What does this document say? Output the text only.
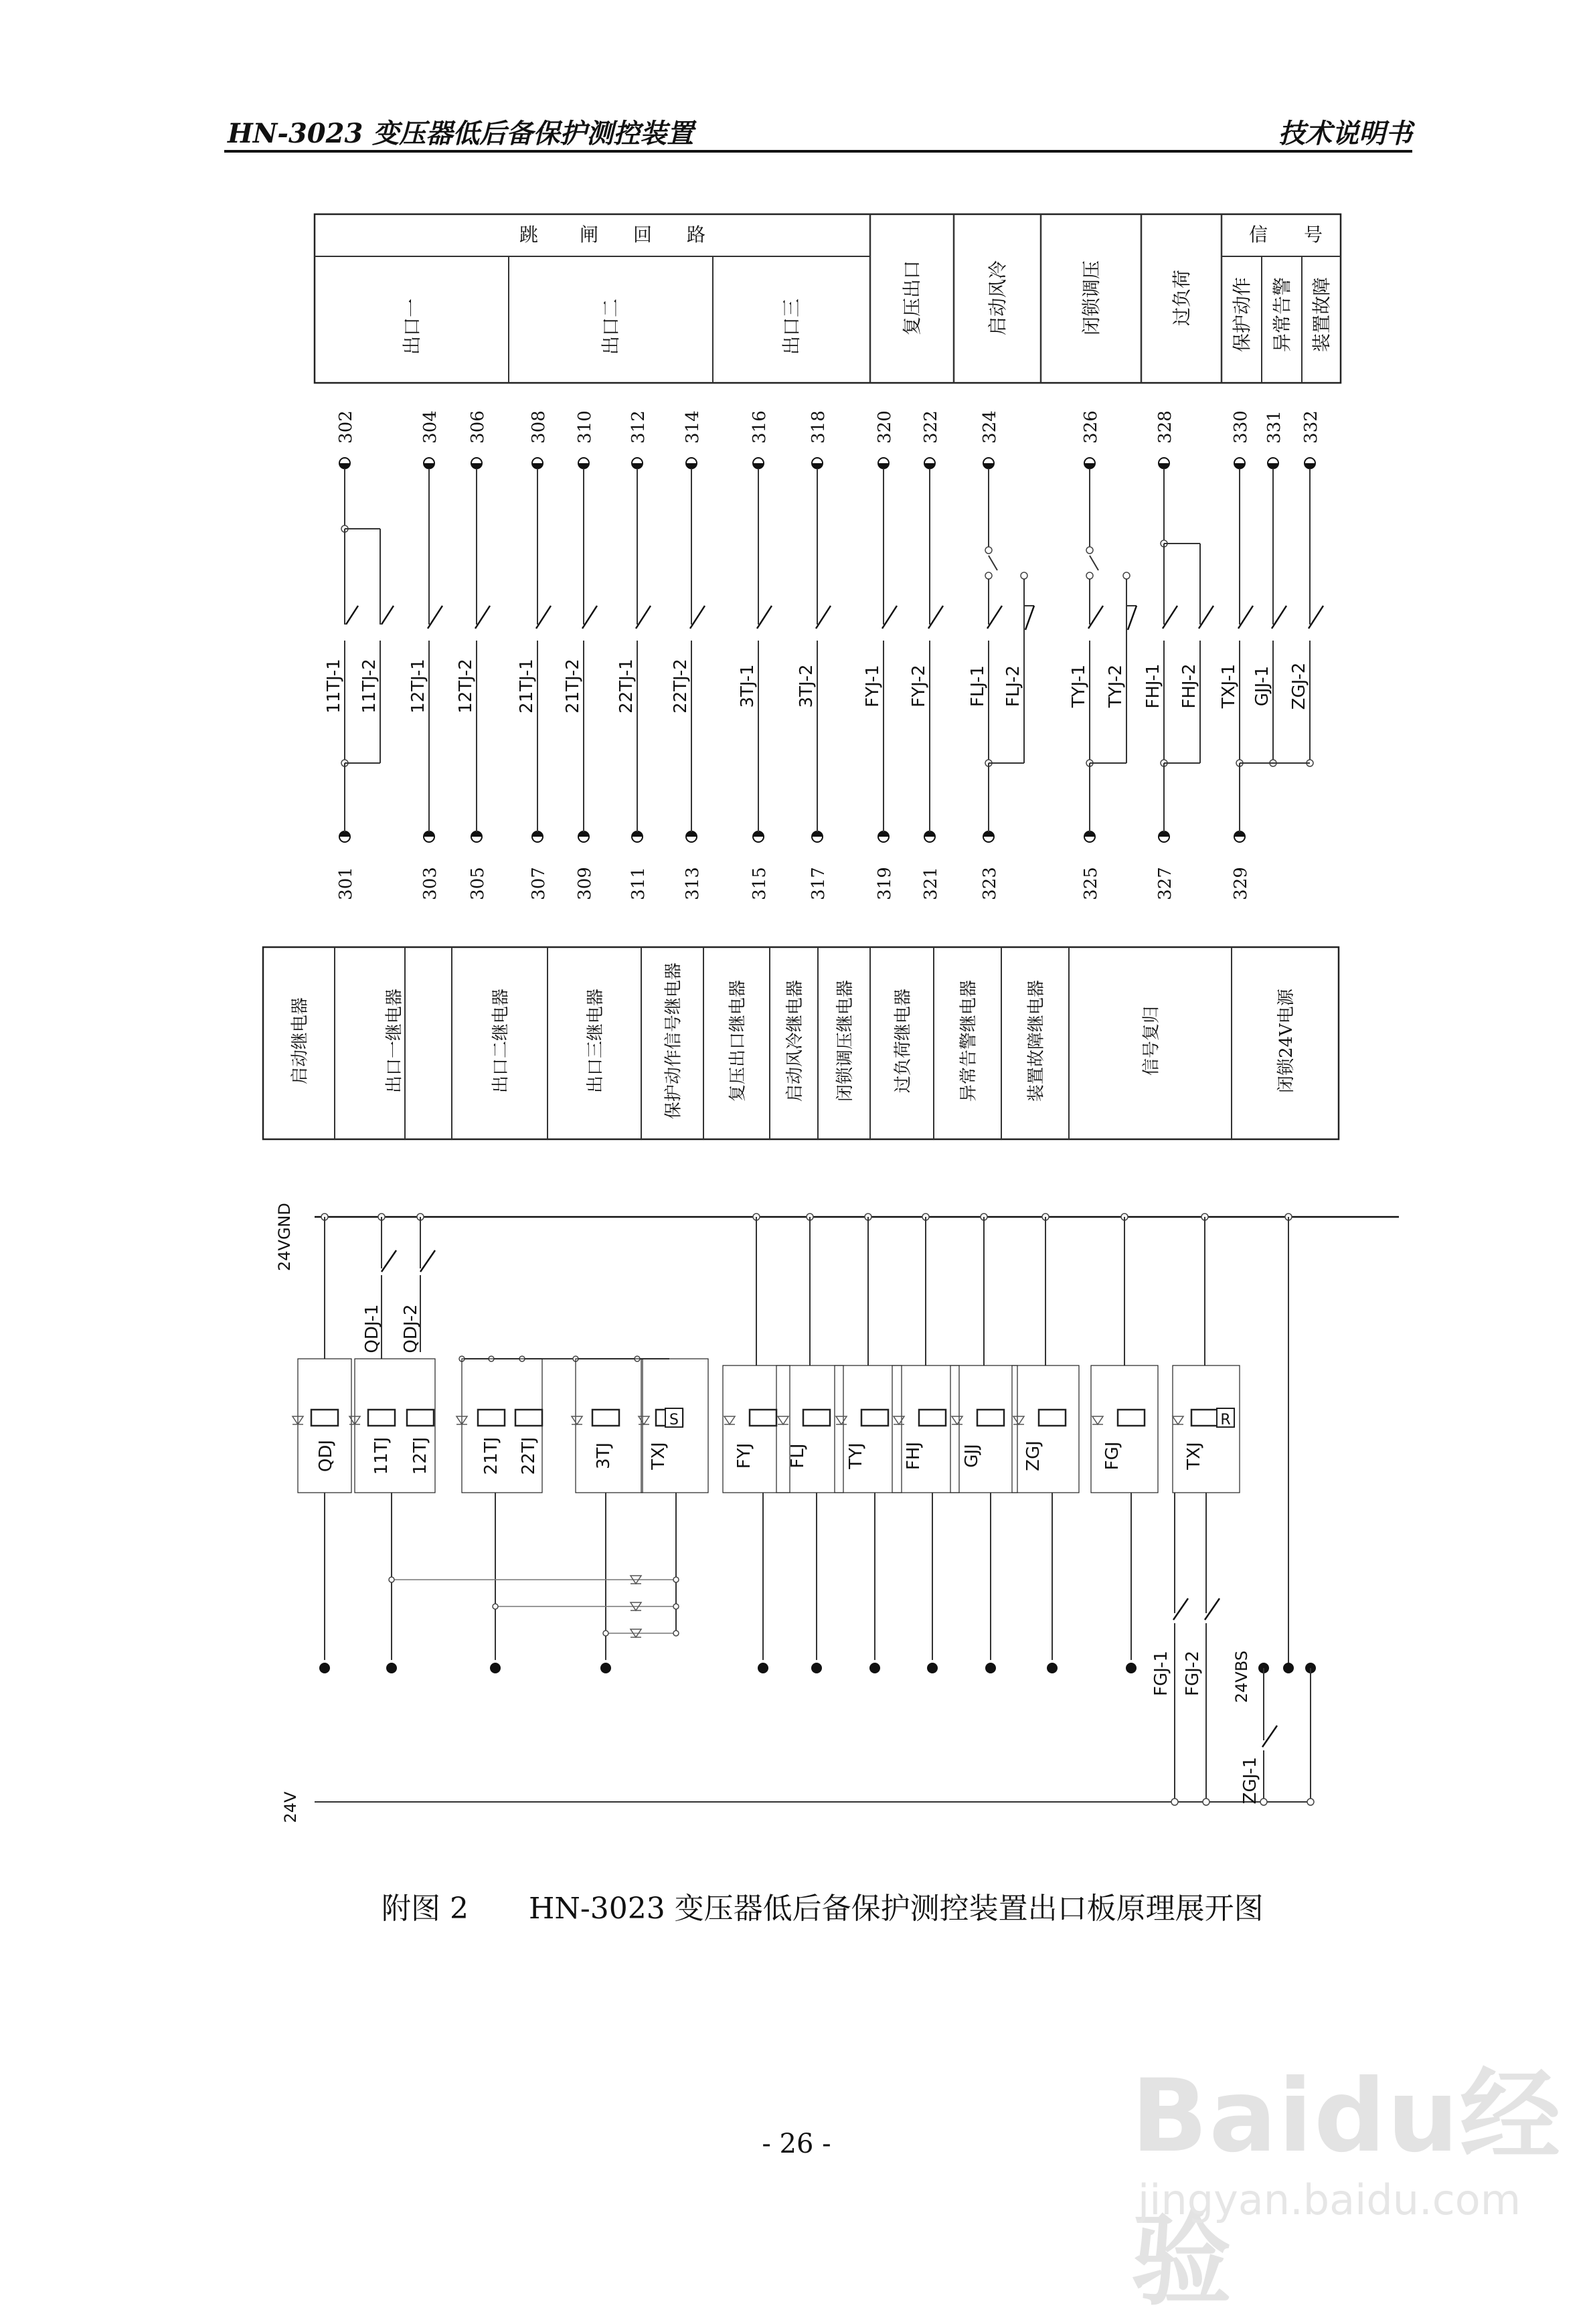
HN-3023 变压器低后备保护测控装置	技术说明书
跳 闸 回 路
出口一	出口二	出口三	复压出口	启动风冷	闭锁调压	过负荷
信 号
保护动作 异常告警 装置故障
302	304 306 308 310 312 314	316 318	320 322 324	326	328	330 331 332
301	303 305 307 309 311 313	315 317	319 321 323	325	327	329
11TJ-1 11TJ-2 12TJ-1 12TJ-2 21TJ-1 21TJ-2 22TJ-1 22TJ-2	3TJ-1 3TJ-2	FYJ-1 FYJ-2 FLJ-1 FLJ-2	TYJ-1 TYJ-2 FHJ-1 FHJ-2 TXJ-1 GJJ-1 ZGJ-2
启动继电器	出口一继电器	出口二继电器	出口三继电器	保护动作信号继电器	复压出口继电器 启动风冷继电器 闭锁调压继电器 过负荷继电器	异常告警继电器	装置故障继电器	信号复归	闭锁24V电源
24VGND
24V
QDJ-1 QDJ-2
QDJ 11TJ 12TJ	21TJ 22TJ	3TJ
S
TXJ	FYJ FLJ TYJ FHJ GJJ ZGJ	FGJ
R
TXJ
FGJ-1 FGJ-2 24VBS
ZGJ-1
附图 2 HN-3023 变压器低后备保护测控装置出口板原理展开图
- 26 -	Baidu经验
jingyan.baidu.com
